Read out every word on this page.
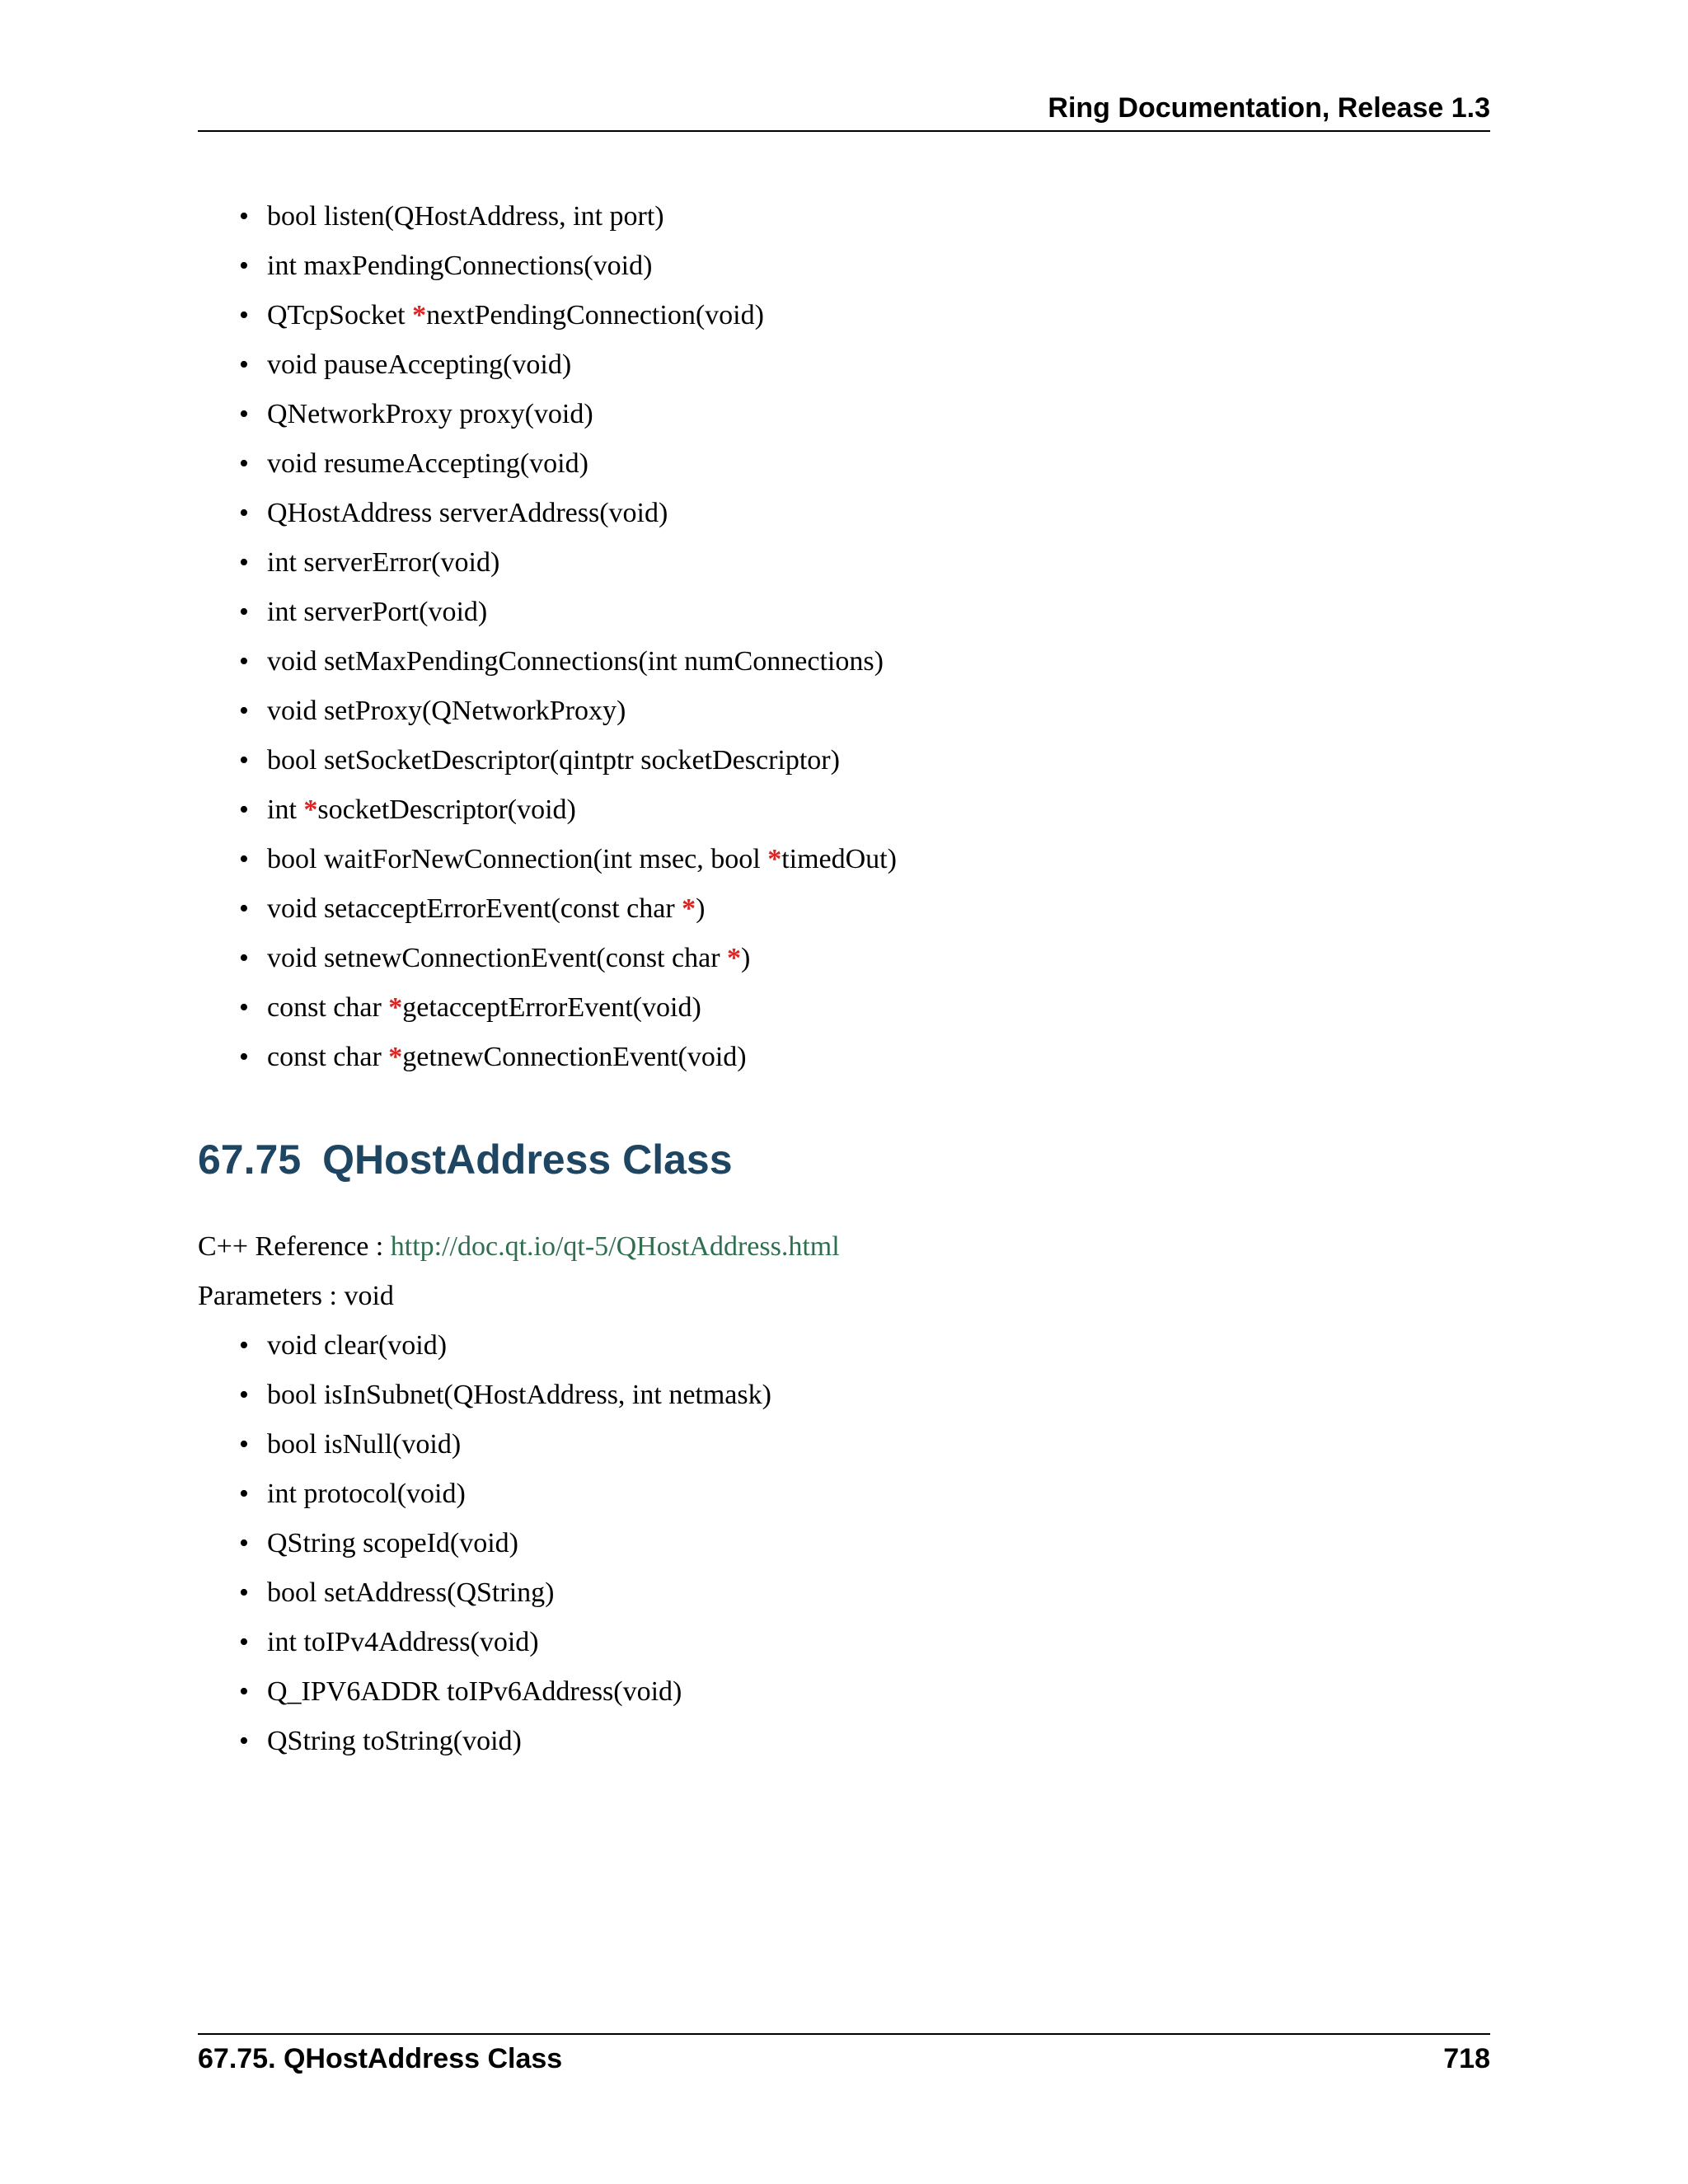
Ring Documentation, Release 1.3
• bool listen(QHostAddress, int port)
• int maxPendingConnections(void)
• QTcpSocket *nextPendingConnection(void)
• void pauseAccepting(void)
• QNetworkProxy proxy(void)
• void resumeAccepting(void)
• QHostAddress serverAddress(void)
• int serverError(void)
• int serverPort(void)
• void setMaxPendingConnections(int numConnections)
• void setProxy(QNetworkProxy)
• bool setSocketDescriptor(qintptr socketDescriptor)
• int *socketDescriptor(void)
• bool waitForNewConnection(int msec, bool *timedOut)
• void setacceptErrorEvent(const char *)
• void setnewConnectionEvent(const char *)
• const char *getacceptErrorEvent(void)
• const char *getnewConnectionEvent(void)
67.75 QHostAddress Class
C++ Reference : http://doc.qt.io/qt-5/QHostAddress.html
Parameters : void
• void clear(void)
• bool isInSubnet(QHostAddress, int netmask)
• bool isNull(void)
• int protocol(void)
• QString scopeId(void)
• bool setAddress(QString)
• int toIPv4Address(void)
• Q_IPV6ADDR toIPv6Address(void)
• QString toString(void)
67.75. QHostAddress Class	718
